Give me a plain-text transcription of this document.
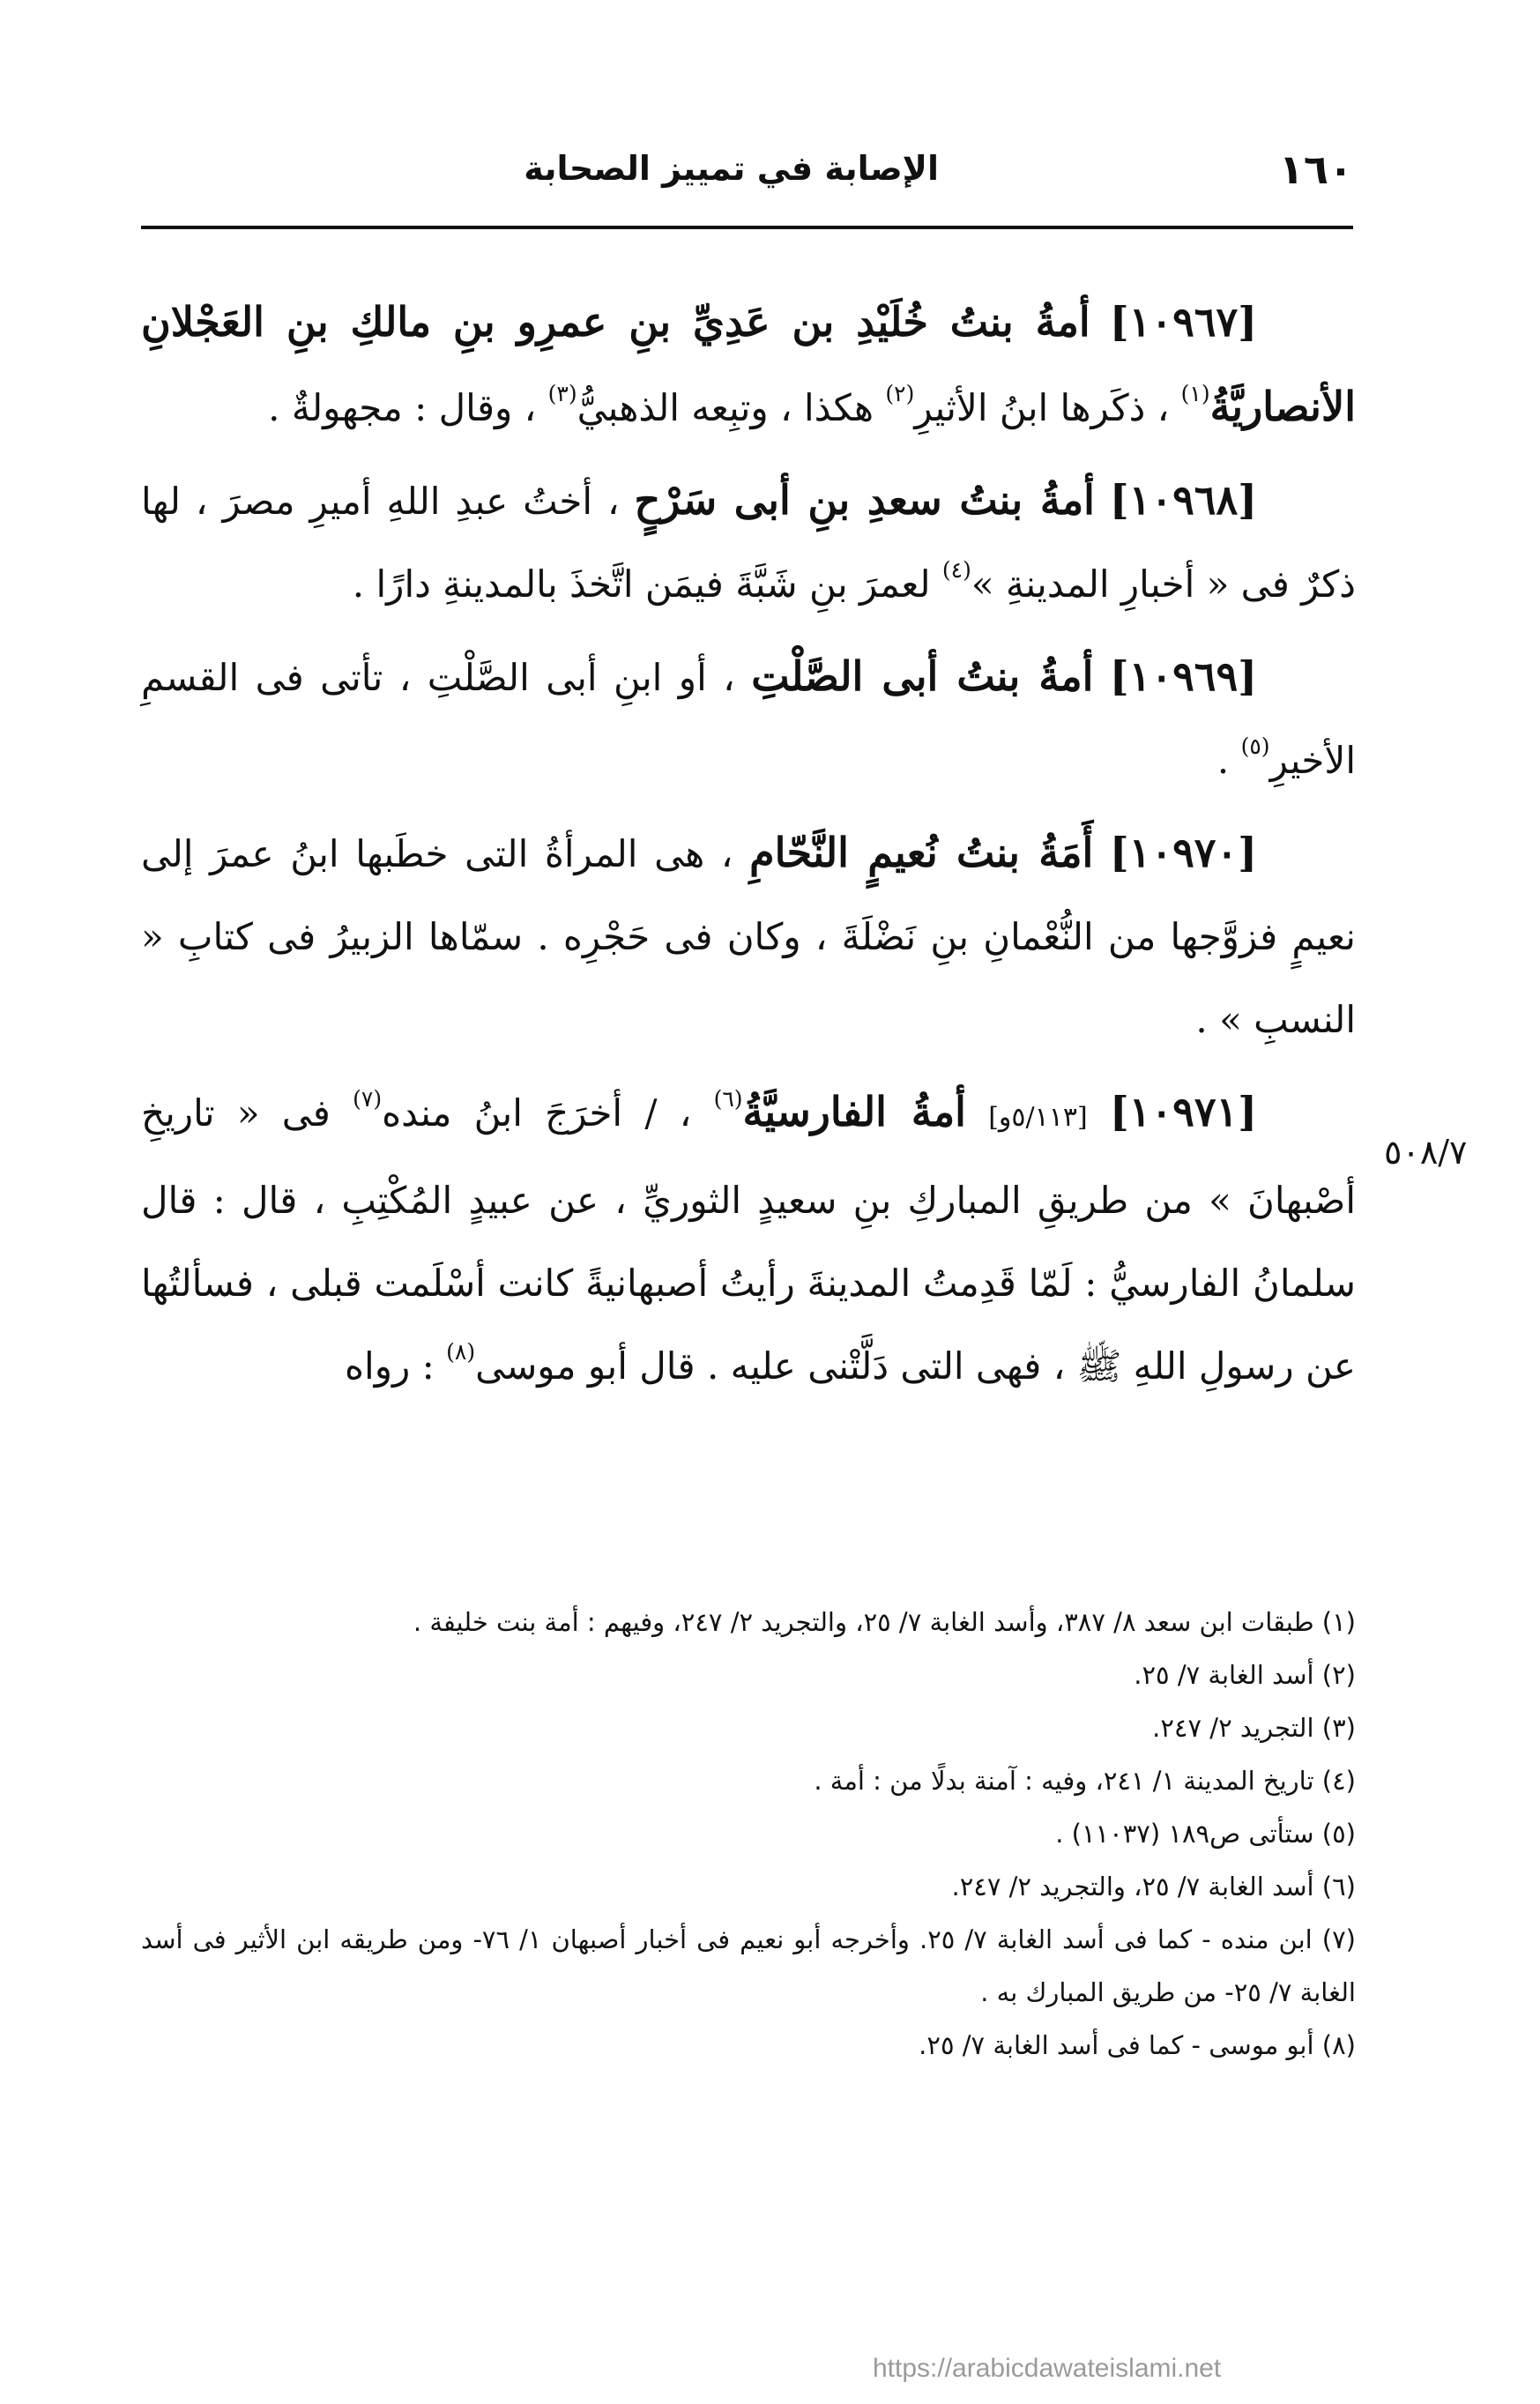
١٦٠
الإصابة في تمييز الصحابة
٥٠٨/٧

[١٠٩٦٧] أمةُ بنتُ خُلَيْدِ بن عَدِيِّ بنِ عمرِو بنِ مالكِ بنِ العَجْلانِ الأنصاريَّةُ$^{(١)}$ ، ذكَرها ابنُ الأثيرِ$^{(٢)}$ هكذا ، وتبِعه الذهبيُّ$^{(٣)}$ ، وقال : مجهولةٌ .

[١٠٩٦٨] أمةُ بنتُ سعدِ بنِ أبى سَرْحٍ ، أختُ عبدِ اللهِ أميرِ مصرَ ، لها ذكرٌ فى « أخبارِ المدينةِ »$^{(٤)}$ لعمرَ بنِ شَبَّةَ فيمَن اتَّخذَ بالمدينةِ دارًا .

[١٠٩٦٩] أمةُ بنتُ أبى الصَّلْتِ ، أو ابنِ أبى الصَّلْتِ ، تأتى فى القسمِ الأخيرِ$^{(٥)}$ .

[١٠٩٧٠] أَمَةُ بنتُ نُعيمٍ النَّحّامِ ، هى المرأةُ التى خطَبها ابنُ عمرَ إلى نعيمٍ فزوَّجها من النُّعْمانِ بنِ نَضْلَةَ ، وكان فى حَجْرِه . سمّاها الزبيرُ فى كتابِ « النسبِ » .

[١٠٩٧١] [٥/١١٣و] أمةُ الفارسيَّةُ$^{(٦)}$ ، / أخرَجَ ابنُ منده$^{(٧)}$ فى « تاريخِ أصْبهانَ » من طريقِ المباركِ بنِ سعيدٍ الثوريِّ ، عن عبيدٍ المُكْتِبِ ، قال : قال سلمانُ الفارسيُّ : لَمّا قَدِمتُ المدينةَ رأيتُ أصبهانيةً كانت أسْلَمت قبلى ، فسألتُها عن رسولِ اللهِ ﷺ ، فهى التى دَلَّتْنى عليه . قال أبو موسى$^{(٨)}$ : رواه

(١) طبقات ابن سعد ٨/ ٣٨٧، وأسد الغابة ٧/ ٢٥، والتجريد ٢/ ٢٤٧، وفيهم : أمة بنت خليفة .

(٢) أسد الغابة ٧/ ٢٥.

(٣) التجريد ٢/ ٢٤٧.

(٤) تاريخ المدينة ١/ ٢٤١، وفيه : آمنة بدلًا من : أمة .

(٥) ستأتى ص١٨٩ (١١٠٣٧) .

(٦) أسد الغابة ٧/ ٢٥، والتجريد ٢/ ٢٤٧.

(٧) ابن منده - كما فى أسد الغابة ٧/ ٢٥. وأخرجه أبو نعيم فى أخبار أصبهان ١/ ٧٦- ومن طريقه ابن الأثير فى أسد الغابة ٧/ ٢٥- من طريق المبارك به .

(٨) أبو موسى - كما فى أسد الغابة ٧/ ٢٥.

https://arabicdawateislami.net
